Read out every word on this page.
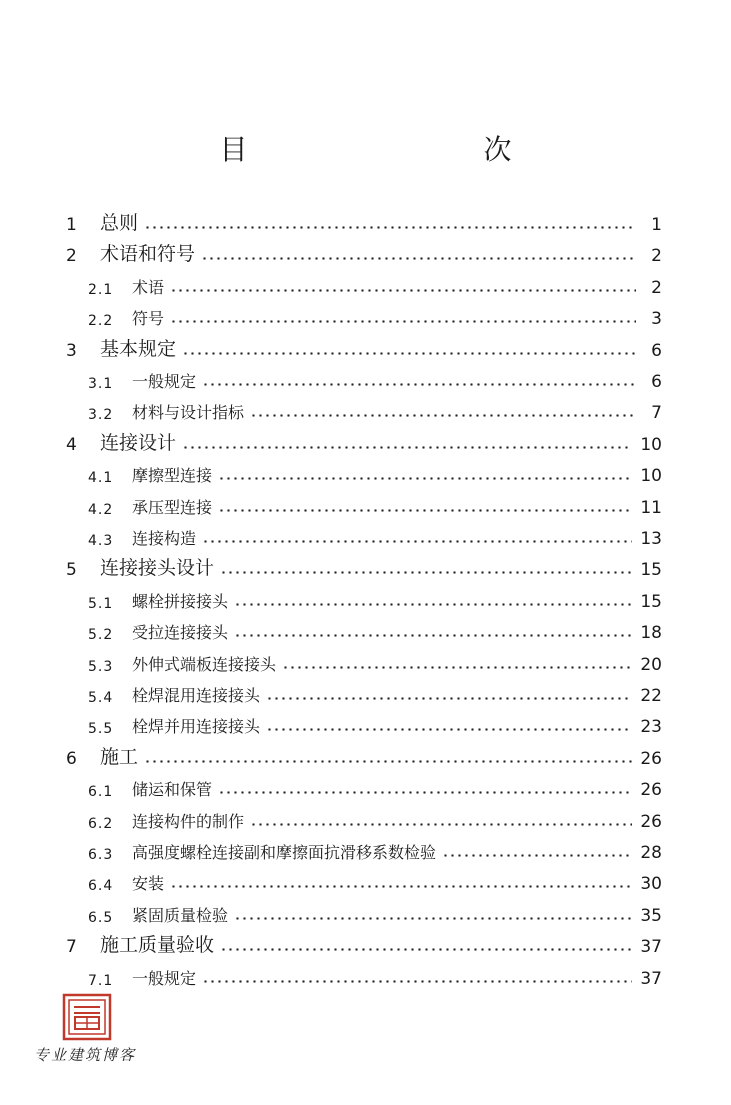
目　　次
1	总则	1
2	术语和符号	2
2.1	术语	2
2.2	符号	3
3	基本规定	6
3.1	一般规定	6
3.2	材料与设计指标	7
4	连接设计	10
4.1	摩擦型连接	10
4.2	承压型连接	11
4.3	连接构造	13
5	连接接头设计	15
5.1	螺栓拼接接头	15
5.2	受拉连接接头	18
5.3	外伸式端板连接接头	20
5.4	栓焊混用连接接头	22
5.5	栓焊并用连接接头	23
6	施工	26
6.1	储运和保管	26
6.2	连接构件的制作	26
6.3	高强度螺栓连接副和摩擦面抗滑移系数检验	28
6.4	安装	30
6.5	紧固质量检验	35
7	施工质量验收	37
7.1	一般规定	37
专业建筑博客
